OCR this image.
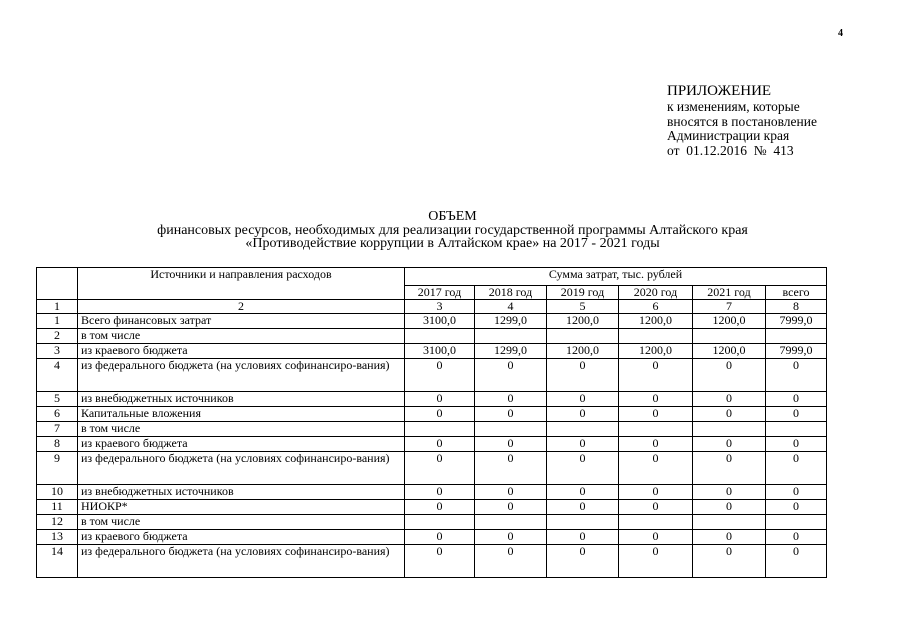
4
ПРИЛОЖЕНИЕ
к изменениям, которые
вносятся в постановление
Администрации края
от  01.12.2016  №  413
ОБЪЕМ
финансовых ресурсов, необходимых для реализации государственной программы Алтайского края
«Противодействие коррупции в Алтайском крае» на 2017 - 2021 годы
	Источники и направления расходов	Сумма затрат, тыс. рублей					
		2017 год	2018 год	2019 год	2020 год	2021 год	всего
1	2	3	4	5	6	7	8
1	Всего финансовых затрат	3100,0	1299,0	1200,0	1200,0	1200,0	7999,0
2	в том числе						
3	из краевого бюджета	3100,0	1299,0	1200,0	1200,0	1200,0	7999,0
4	из федерального бюджета (на условиях софинансиро-вания)	0	0	0	0	0	0
5	из внебюджетных источников	0	0	0	0	0	0
6	Капитальные вложения	0	0	0	0	0	0
7	в том числе						
8	из краевого бюджета	0	0	0	0	0	0
9	из федерального бюджета (на условиях софинансиро-вания)	0	0	0	0	0	0
10	из внебюджетных источников	0	0	0	0	0	0
11	НИОКР*	0	0	0	0	0	0
12	в том числе						
13	из краевого бюджета	0	0	0	0	0	0
14	из федерального бюджета (на условиях софинансиро-вания)	0	0	0	0	0	0
